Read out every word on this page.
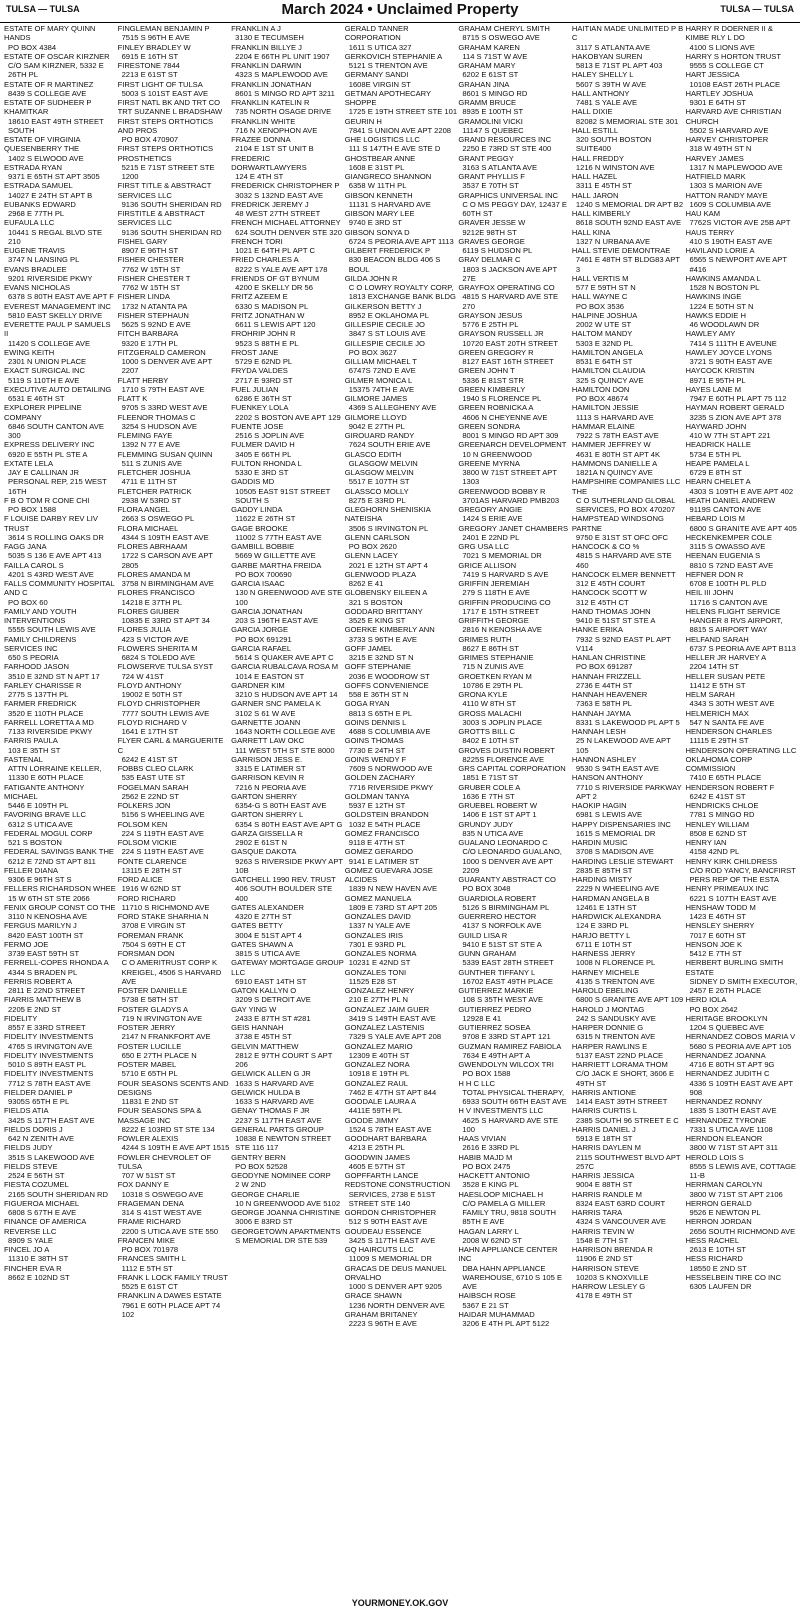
TULSA — TULSA	March 2024 • Unclaimed Property	TULSA — TULSA
ESTATE OF MARY QUINN HANDS
PO BOX 4384
ESTATE OF OSCAR KIRZNER
C/O SAM KIRZNER, 5332 E 26TH PL
ESTATE OF R MARTINEZ
8439 S COLLEGE AVE
ESTATE OF SUDHEER P KHAMITKAR
18610 EAST 49TH STREET SOUTH
ESTATE OF VIRGINIA QUESENBERRY THE
1402 S ELWOOD AVE
ESTRADA RYAN
9371 E 65TH ST APT 3505
ESTRADA SAMUEL
14027 E 24TH ST APT B
EUBANKS EDWARD
2968 E 77TH PL
EUFAULA LLC
10441 S REGAL BLVD STE 210
EUGENE TRAVIS
3747 N LANSING PL
EVANS BRADLEE
9201 RIVERSIDE PKWY
EVANS NICHOLAS
6378 S 80TH EAST AVE APT F
EVEREST MANAGEMENT INC
5810 EAST SKELLY DRIVE
EVERETTE PAUL P SAMUELS II
11420 S COLLEGE AVE
EWING KEITH
2301 N UNION PLACE
EXACT SURGICAL INC
5119 S 110TH E AVE
EXECUTIVE AUTO DETAILING
6531 E 46TH ST
EXPLORER PIPELINE COMPANY
6846 SOUTH CANTON AVE 300
EXPRESS DELIVERY INC
6920 E 55TH PL STE A
EXTATE LELA
JAY E CALLINAN JR PERSONAL REP, 215 WEST 16TH
F B O TOM R CONE CHI
PO BOX 1588
F LOUISE DARBY REV LIV TRUST
3614 S ROLLING OAKS DR
FAGG JANA
5035 S 136 E AVE APT 413
FAILLA CAROL S
4201 S 43RD WEST AVE
FALLS COMMUNITY HOSPITAL AND C
PO BOX 60
FAMILY AND YOUTH INTERVENTIONS
5555 SOUTH LEWIS AVE
FAMILY CHILDRENS SERVICES INC
650 S PEORIA
FARHOOD JASON
3510 E 32ND ST N APT 17
FARLEY CHARISSE R
2775 S 137TH PL
FARMER FREDRICK
3520 E 110TH PLACE
FARRELL LORETTA A MD
7133 RIVERSIDE PKWY
FARRIS PAULA
103 E 35TH ST
FASTENAL
ATTN LORRAINE KELLER, 11330 E 60TH PLACE
FATIGANTE ANTHONY MICHAEL
5446 E 109TH PL
FAVORING BRAVE LLC
6312 S UTICA AVE
FEDERAL MOGUL CORP
521 S BOSTON
FEDERAL SAVINGS BANK THE
6212 E 72ND ST APT 811
FELLER DIANA
9306 E 96TH ST S
FELLERS RICHARDSON WHEE
15 W 6TH ST STE 2066
FENIX GROUP CONST CO THE
3110 N KENOSHA AVE
FERGUS MARILYN J
8420 EAST 100TH ST
FERMO JOE
3739 EAST 59TH ST
FERRELL-COPES RHONDA A
4344 S BRADEN PL
FERRIS ROBERT A
2811 E 22ND STREET
FIARRIS MATTHEW B
2205 E 2ND ST
FIDELITY
8557 E 33RD STREET
FIDELITY INVESTMENTS
4765 S IRVINGTON AVE
FIDELITY INVESTMENTS
5010 S 89TH EAST PL
FIDELITY INVESTMENTS
7712 S 78TH EAST AVE
FIELDER DANIEL P
9305S 65TH E PL
FIELDS ATIA
3425 S 117TH EAST AVE
FIELDS DORIS J
642 N ZENITH AVE
FIELDS JUDY
3515 S LAKEWOOD AVE
FIELDS STEVE
2524 E 56TH ST
FIESTA COZUMEL
2165 SOUTH SHERIDAN RD
FIGUEROA MICHAEL
6808 S 67TH E AVE
FINANCE OF AMERICA REVERSE LLC
8909 S YALE
FINCEL JO A
11310 E 38TH ST
FINCHER EVA R
8662 E 102ND ST
FINGLEMAN BENJAMIN P
7515 S 96TH E AVE
FINLEY BRADLEY W
6915 E 16TH ST
FIRESTONE 7844
2213 E 61ST ST
FIRST LIGHT OF TULSA
5003 S 101ST EAST AVE
FIRST NATL BK AND TRT CO TRT SUZANNE L BRADSHAW
FIRST STEPS ORTHOTICS AND PROS
PO BOX 470907
FIRST STEPS ORTHOTICS PROSTHETICS
5215 E 71ST STREET STE 1200
FIRST TITLE & ABSTRACT SERVICES LLC
9136 SOUTH SHERIDAN RD
FIRSTITLE & ABSTRACT SERVICES LLC
9136 SOUTH SHERIDAN RD
FISHEL GARY
8907 E 96TH ST
FISHER CHESTER
7762 W 15TH ST
FISHER CHESTER T
7762 W 15TH ST
FISHER LINDA
1732 N ATANTA PA
FISHER STEPHAUN
5625 S 92ND E AVE
FITCH BARBARA
9320 E 17TH PL
FITZGERALD CAMERON
1000 S DENVER AVE APT 2207
FLATT HERBY
1710 S 79TH EAST AVE
FLATT K
9705 S 33RD WEST AVE
FLEENOR THOMAS C
3254 S HUDSON AVE
FLEMING FAYE
1392 N 77 E AVE
FLEMMING SUSAN QUINN
511 S ZUNIS AVE
FLETCHER JOSHUA
4711 E 11TH ST
FLETCHER PATRICK
2938 W 53RD ST
FLORA ANGEL
2663 S OSWEGO PL
FLORA MICHAEL
4344 S 109TH EAST AVE
FLORES ABRHAAM
1722 S CARSON AVE APT 2805
FLORES AMANDA M
3758 N BIRMINGHAM AVE
FLORES FRANCISCO
14218 E 37TH PL
FLORES GIUBER
10835 E 33RD ST APT 34
FLORES JULIA
423 S VICTOR AVE
FLOWERS SHERITA M
6824 S TOLEDO AVE
FLOWSERVE TULSA SYST
724 W 41ST
FLOYD ANTHONY
19002 E 50TH ST
FLOYD CHRISTOPHER
7777 SOUTH LEWIS AVE
FLOYD RICHARD V
1641 E 17TH ST
FLYER CARL & MARGUERITE C
6242 E 41ST ST
FOBBS CLEO CLARK
535 EAST UTE ST
FOGELMAN SARAH
2562 E 22ND ST
FOLKERS JON
5156 S WHEELING AVE
FOLSOM KEN
224 S 119TH EAST AVE
FOLSOM VICKIE
224 S 119TH EAST AVE
FONTE CLARENCE
13115 E 28TH ST
FORD ALICE
1916 W 62ND ST
FORD RICHARD
11710 S RICHMOND AVE
FORD STAKE SHARHIA N
3708 E VIRGIN ST
FOREMAN FRANK
7504 S 69TH E CT
FORSMAN DON
C O AMERITRUST CORP K KREIGEL, 4506 S HARVARD AVE
FOSTER DANIELLE
5738 E 58TH ST
FOSTER GLADYS A
719 N IRVINGTON AVE
FOSTER JERRY
2147 N FRANKFORT AVE
FOSTER LUCILLE
650 E 27TH PLACE N
FOSTER MABEL
5710 E 65TH PL
FOUR SEASONS SCENTS AND DESIGNS
11831 E 2ND ST
FOUR SEASONS SPA & MASSAGE INC
8222 E 103RD ST STE 134
FOWLER ALEXIS
4244 S 109TH E AVE APT 1515
FOWLER CHEVROLET OF TULSA
707 W 51ST ST
FOX DANNY E
10318 S OSWEGO AVE
FRAGEMAN DENA
314 S 41ST WEST AVE
FRAME RICHARD
2200 S UTICA AVE STE 550
FRANCEN MIKE
PO BOX 701978
FRANCES SMITH L
1112 E 5TH ST
FRANK L LOCK FAMILY TRUST
5525 E 61ST CT
FRANKLIN A DAWES ESTATE
7961 E 60TH PLACE APT 74 102
FRANKLIN A J
3130 E TECUMSEH
FRANKLIN BILLYE J
2204 E 66TH PL UNIT 1907
FRANKLIN DARWIN
4323 S MAPLEWOOD AVE
FRANKLIN JONATHAN
8601 S MINGO RD APT 3211
FRANKLIN KATELIN R
735 NORTH OSAGE DRIVE
FRANKLIN WHITE
716 N XENOPHON AVE
FRAZEE DONNA
2104 E 1ST ST UNIT B
FREDERIC DORWARTLAWYERS
124 E 4TH ST
FREDERICK CHRISTOPHER P
3032 S 132ND EAST AVE
FREDRICK JEREMY J
48 WEST 27TH STREET
FRENCH MICHAEL ATTORNEY
624 SOUTH DENVER STE 320
FRENCH TORI
1021 E 64TH PL APT C
FRIED CHARLES A
8222 S YALE AVE APT 178
FRIENDS OF GT BYNUM
4200 E SKELLY DR 56
FRITZ AZEEM E
6330 S MADISON PL
FRITZ JONATHAN W
6611 S LEWIS APT 120
FROHRIP JOHN R
9523 S 88TH E PL
FROST JANE
5729 E 62ND PL
FRYDA VALDES
2717 E 93RD ST
FUEL JULIAN
6286 E 36TH ST
FUENKEY LOLA
2202 S BOSTON AVE APT 129
FUENTE JOSE
2516 S JOPLIN AVE
FULMER DAVID H
3405 E 66TH PL
FULTON RHONDA L
5330 E 3RD ST
GADDIS MD
10505 EAST 91ST STREET SOUTH S
GADDY LINDA
11622 E 26TH ST
GAGE BROOKE
11002 S 77TH EAST AVE
GAMBILL BOBBIE
5669 W GILLETTE AVE
GARBE MARTHA FREIDA
PO BOX 700690
GARCIA ISAAC
130 N GREENWOOD AVE STE 100
GARCIA JONATHAN
203 S 196TH EAST AVE
GARCIA JORGE
PO BOX 691291
GARCIA RAFAEL
5614 S QUAKER AVE APT C
GARCIA RUBALCAVA ROSA M
1014 E EASTON ST
GARDNER KIM
3210 S HUDSON AVE APT 14
GARNER SNC PAMELA K
3102 S 61 W AVE
GARNETTE JOANN
1643 NORTH COLLEGE AVE
GARRETT LAW OKC
111 WEST 5TH ST STE 8000
GARRISON JESS E.
3315 E LATIMER ST
GARRISON KEVIN R
7216 N PEORIA AVE
GARTON SHERRY
6354-G S 80TH EAST AVE
GARTON SHERRY L
6354 S 80TH EAST AVE APT G
GARZA GISSELLA R
2902 E 61ST N
GASQUE DAKOTA
9263 S RIVERSIDE PKWY APT 10B
GATCHELL 1990 REV. TRUST
406 SOUTH BOULDER STE 400
GATES ALEXANDER
4320 E 27TH ST
GATES BETTY
3004 E 51ST APT 4
GATES SHAWN A
3815 S UTICA AVE
GATEWAY MORTGAGE GROUP LLC
6910 EAST 14TH ST
GATON KALLYN O
3209 S DETROIT AVE
GAY YING W
2433 E 87TH ST #281
GEIS HANNAH
3738 E 45TH ST
GELVIN MATTHEW
2812 E 97TH COURT S APT 206
GELWICK ALLEN G JR
1633 S HARVARD AVE
GELWICK HULDA B
1633 S HARVARD AVE
GENAY THOMAS F JR
2237 S 117TH EAST AVE
GENERAL PARTS GROUP
10838 E NEWTON STREET STE 116 117
GENTRY BERN
PO BOX 52528
GEODYNE NOMINEE CORP
2 W 2ND
GEORGE CHARLIE
10 N GREENWOOD AVE 5102
GEORGE JOANNA CHRISTINE
3006 E 83RD ST
GEORGETOWN APARTMENTS
S MEMORIAL DR STE 539
GERALD TANNER CORPORATION
1611 S UTICA 327
GERKOVICH STEPHANIE A
5121 S TRENTON AVE
GERMANY SANDI
1608E VIRGIN ST
GETMAN APOTHECARY SHOPPE
1725 E 19TH STREET STE 101
GEURIN H
7841 S UNION AVE APT 2208
GHE LOGISTICS LLC
111 S 147TH E AVE STE D
GHOSTBEAR ANNE
1608 E 31ST PL
GIANGRECO SHANNON
6358 W 11TH PL
GIBSON KENNETH
11131 S HARVARD AVE
GIBSON MARY LEE
9740 E 3RD ST
GIBSON SONYA D
6724 S PEORIA AVE APT 1113
GILBERT FREDERICK P
830 BEACON BLDG 406 S BOUL
GILDA JOHN R
C O LOWRY ROYALTY CORP, 1813 EXCHANGE BANK BLDG
GILKERSON BETTY J
8952 E OKLAHOMA PL
GILLESPIE CECILE JO
3847 S ST LOUIS AVE
GILLESPIE CECILE JO
PO BOX 3627
GILLIAM MICHAEL T
6747S 72ND E AVE
GILMER MONICA L
15375 74TH E AVE
GILMORE JAMES
4369 S ALLEGHENY AVE
GILMORE LLOYD
9042 E 27TH PL
GIROUARD RANDY
7624 SOUTH ERIE AVE
GLASCO EDITH
GLASGOW MELVIN
GLASGOW MELVIN
5517 E 107TH ST
GLASSCO MOLLY
8275 E 33RD PL
GLEGHORN SHENISKIA NATEISHA
3506 S IRVINGTON PL
GLENN CARLSON
PO BOX 2620
GLENN LACEY
2021 E 12TH ST APT 4
GLENWOOD PLAZA
8262 E 41
GLOBENSKY EILEEN A
321 S BOSTON
GODDARD BRITTANY
3525 E KING ST
GOERKE KIMBERLY ANN
3733 S 96TH E AVE
GOFF JAMEL
3215 E 32ND ST N
GOFF STEPHANIE
2036 E WOODROW ST
GOFFS CONVENIENCE
558 E 36TH ST N
GOGA RYAN
8813 S 65TH E PL
GOINS DENNIS L
4688 S COLUMBIA AVE
GOINS THOMAS
7730 E 24TH ST
GOINS WENDY F
7609 S NORWOOD AVE
GOLDEN ZACHARY
7716 RIVERSIDE PKWY
GOLDMAN TANYA
5937 E 12TH ST
GOLDSTEIN BRANDON
1032 E 54TH PLACE
GOMEZ FRANCISCO
9118 E 47TH ST
GOMEZ GERARDO
9141 E LATIMER ST
GOMEZ GUEVARA JOSE ALCIDES
1839 N NEW HAVEN AVE
GOMEZ MANUELA
1809 E 73RD ST APT 205
GONZALES DAVID
1337 N YALE AVE
GONZALES IRIS
7301 E 93RD PL
GONZALES NORMA
10231 E 42ND ST
GONZALES TONI
11525 E28 ST
GONZALEZ HENRY
210 E 27TH PL N
GONZALEZ JAIM GUER
3419 S 149TH EAST AVE
GONZALEZ LASTENIS
7329 S YALE AVE APT 208
GONZALEZ MARIO
12309 E 40TH ST
GONZALEZ NORA
10918 E 19TH PL
GONZALEZ RAUL
7462 E 47TH ST APT 844
GOODALE LAURA A
4411E 59TH PL
GOODE JIMMY
1524 S 78TH EAST AVE
GOODHART BARBARA
4213 E 25TH PL
GOODWIN JAMES
4605 E 57TH ST
GOPFFARTH LANCE REDSTONE CONSTRUCTION
SERVICES, 2738 E 51ST STREET STE 140
GORDON CHRISTOPHER
512 S 90TH EAST AVE
GOUDEAU ESSENCE
3425 S 117TH EAST AVE
GQ HAIRCUTS LLC
11009 S MEMORIAL DR
GRACAS DE DEUS MANUEL ORVALHO
1000 S DENVER APT 9205
GRACE SHAWN
1236 NORTH DENVER AVE
GRAHAM BRITANEY
2223 S 96TH E AVE
GRAHAM CHERYL SMITH
8715 S OSWEGO AVE
GRAHAM KAREN
114 S 71ST W AVE
GRAHAM MARY
6202 E 61ST ST
GRAHAN JINA
8601 S MINGO RD
GRAMM BRUCE
8935 E 100TH ST
GRAMOLINI VICKI
11147 S QUEBEC
GRAND RESOURCES INC
2250 E 73RD ST STE 400
GRANT PEGGY
3163 S ATLANTA AVE
GRANT PHYLLIS F
3537 E 70TH ST
GRAPHICS UNIVERSAL INC
C O MS PEGGY DAY, 12437 E 60TH ST
GRAVER JESSE W
9212E 98TH ST
GRAVES GEORGE
6119 S HUDSON PL
GRAY DELMAR C
1803 S JACKSON AVE APT 27E
GRAYFOX OPERATING CO
4815 S HARVARD AVE STE 270
GRAYSON JESUS
5776 E 25TH PL
GRAYSON RUSSELL JR
10720 EAST 20TH STREET
GREEN GREGORY R
8127 EAST 16TH STREET
GREEN JOHN T
5336 E 81ST STR
GREEN KIMBERLY
1940 S FLORENCE PL
GREEN ROBNICKA A
4606 N CHEYENNE AVE
GREEN SONDRA
8001 S MINGO RD APT 309
GREENARCH DEVELOPMENT
10 N GREENWOOD
GREENE MYRNA
3800 W 71ST STREET APT 1303
GREENWOOD BOBBY R
3701AS HARVARD PMB203
GREGORY ANGIE
1424 S ERIE AVE
GREGORY JANET CHAMBERS
2401 E 22ND PL
GRG USA LLC
7021 S MEMORIAL DR
GRICE ALLISON
7419 S HARVARD S AVE
GRIFFIN JEREMIAH
279 S 118TH E AVE
GRIFFIN PRODUCING CO
1717 E 15TH STREET
GRIFFITH GEORGE
2816 N KENOSHA AVE
GRIMES RUTH
8627 E 86TH ST
GRIMES STEPHANIE
715 N ZUNIS AVE
GROETKEN RYAN M
10786 E 29TH PL
GRONA KYLE
4110 W 8TH ST
GROSS MALACHI
3003 S JOPLIN PLACE
GROTTS BILL C
8402 E 10TH ST
GROVES DUSTIN ROBERT
8225S FLORENCE AVE
GRS CAPITAL CORPORATION
1851 E 71ST ST
GRUBER COLE A
1636 E 7TH ST
GRUEBEL ROBERT W
1406 E 1ST ST APT 1
GRUNDY JUDY
835 N UTICA AVE
GUALANO LEONARDO C
C/O LEONARDO GUALANO, 1000 S DENVER AVE APT 2209
GUARANTY ABSTRACT CO
PO BOX 3048
GUARDIOLA ROBERT
5126 S BIRMINGHAM PL
GUERRERO HECTOR
4137 S NORFOLK AVE
GUILD LISA R
9410 E 51ST ST STE A
GUNN GRAHAM
5339 EAST 28TH STREET
GUNTHER TIFFANY L
16702 EAST 49TH PLACE
GUTIERREZ MARKIE
108 S 35TH WEST AVE
GUTIERREZ PEDRO
12928 E 41
GUTIERREZ SOSEA
9708 E 33RD ST APT 121
GUZMAN RAMIREZ FABIOLA
7634 E 49TH APT A
GWENDOLYN WILCOX TRI
PO BOX 1588
H H C LLC
TOTAL PHYSICAL THERAPY, 6933 SOUTH 66TH EAST AVE
H V INVESTMENTS LLC
4625 S HARVARD AVE STE 100
HAAS VIVIAN
2616 E 33RD PL
HABIB MAJD M
PO BOX 2475
HACKETT ANTONIO
3528 E KING PL
HAESLOOP MICHAEL H
C/O PAMELA G MILLER FAMILY TRU, 9818 SOUTH 85TH E AVE
HAGAN LARRY L
2008 W 62ND ST
HAHN APPLIANCE CENTER INC
DBA HAHN APPLIANCE WAREHOUSE, 6710 S 105 E AVE
HAIBSCH ROSE
5367 E 21 ST
HAIDAR MUHAMMAD
3206 E 4TH PL APT 5122
HAITIAN MADE UNLIMITED P B C
3117 S ATLANTA AVE
HAKOBYAN SUREN
5813 E 71ST PL APT 403
HALEY SHELLY L
5607 S 39TH W AVE
HALL ANTHONY
7481 S YALE AVE
HALL DIXIE
82082 S MEMORIAL STE 301
HALL ESTILL
320 SOUTH BOSTON SUITE400
HALL FREDDY
1216 N WINSTON AVE
HALL HAZEL
3311 E 45TH ST
HALL JARON
1240 S MEMORIAL DR APT B2
HALL KIMBERLY
8618 SOUTH 92ND EAST AVE
HALL KINA
1327 N URBANA AVE
HALL STEVIE DEMONTRAE
7461 E 48TH ST BLDG83 APT 3
HALL VERTIS M
577 E 59TH ST N
HALL WAYNE C
PO BOX 3536
HALPINE JOSHUA
2002 W UTE ST
HALTOM MANDY
5303 E 32ND PL
HAMILTON ANGELA
8531 E 64TH ST
HAMILTON CLAUDIA
325 S QUINCY AVE
HAMILTON DON
PO BOX 48674
HAMILTON JESSIE
1113 S HARVARD AVE
HAMMAR ELAINE
7922 S 78TH EAST AVE
HAMMER JEFFREY W
4631 E 80TH ST APT 4K
HAMMONS DANIELLE A
1821A N QUINCY AVE
HAMPSHIRE COMPANIES LLC THE
C O SUTHERLAND GLOBAL SERVICES, PO BOX 470207
HAMPSTEAD WINDSONG PARTNE
9750 E 31ST ST OFC OFC
HANCOCK & CO %
4815 S HARVARD AVE STE 460
HANCOCK ELMER BENNETT
312 E 45TH COURT
HANCOCK SCOTT W
312 E 45TH CT
HAND THOMAS JOHN
9410 E 51ST ST STE A
HANKE ERIKA
7932 S 92ND EAST PL APT V114
HANLAN CHRISTINE
PO BOX 691287
HANNAH FRIZZELL
2736 E 44TH ST
HANNAH HEAVENER
7363 E 58TH PL
HANNAH JAYMA
8331 S LAKEWOOD PL APT 5
HANNAH LESH
25 N LAKEWOOD AVE APT 105
HANNON ASHLEY
9530 S 94TH EAST AVE
HANSON ANTHONY
7710 S RIVERSIDE PARKWAY APT 2
HAOKIP HAGIN
6981 S LEWIS AVE
HAPPY DISPENSARIES INC
1615 S MEMORIAL DR
HARDIN MUSIC
3708 S MADISON AVE
HARDING LESLIE STEWART
2835 E 85TH ST
HARDING MISTY
2229 N WHEELING AVE
HARDMAN ANGELA B
12461 E 13TH ST
HARDWICK ALEXANDRA
124 E 33RD PL
HARJO BETTY L
6711 E 10TH ST
HARNESS JERRY
1008 N FLORENCE PL
HARNEY MICHELE
4135 S TRENTON AVE
HAROLD EBELING
6800 S GRANITE AVE APT 109
HAROLD J MONTAG
242 S SANDUSKY AVE
HARPER DONNIE G
6315 N TRENTON AVE
HARPER RAWLINS E
5137 EAST 22ND PLACE
HARRIETT LORAMA THOM
C/O JACK E SHORT, 3606 E 49TH ST
HARRIS ANTIONE
1414 EAST 39TH STREET
HARRIS CURTIS L
2385 SOUTH 96 STREET E C
HARRIS DANIEL J
5913 E 18TH ST
HARRIS DAYLEN M
2115 SOUTHWEST BLVD APT 257C
HARRIS JESSICA
9004 E 88TH ST
HARRIS RANDLE M
8324 EAST 63RD COURT
HARRIS TARA
4324 S VANCOUVER AVE
HARRIS TEVIN W
1548 E 7TH ST
HARRISON BRENDA R
11906 E 2ND ST
HARRISON STEVE
10203 S KNOXVILLE
HARROW LESLEY G
4178 E 49TH ST
HARRY R DOERNER II & KIMBE RLY L DO
4100 S LIONS AVE
HARRY S HORTON TRUST
9555 S COLLEGE CT
HART JESSICA
10108 EAST 26TH PLACE
HARTLEY JOSHUA
9301 E 64TH ST
HARVARD AVE CHRISTIAN CHURCH
5502 S HARVARD AVE
HARVEY CHRISTOPER
318 W 49TH ST N
HARVEY JAMES
1317 N MAPLEWOOD AVE
HATFIELD MARK
1303 S MARION AVE
HATTON RANDY MAYE
1609 S COLUMBIA AVE
HAU KAM
7762S VICTOR AVE 25B APT
HAUS TERRY
410 S 190TH EAST AVE
HAVILAND LORIE A
6565 S NEWPORT AVE APT #416
HAWKINS AMANDA L
1528 N BOSTON PL
HAWKINS INGE
1224 E 50TH ST N
HAWKS EDDIE H
46 WOODLAWN DR
HAWLEY AMY
7414 S 111TH E AVEUNE
HAWLEY JOYCE LYONS
3721 S 90TH EAST AVE
HAYCOCK KRISTIN
8971 E 95TH PL
HAYES LANE M
7947 E 60TH PL APT 75 112
HAYMAN ROBERT GERALD
3235 S ZION AVE APT 378
HAYWARD JOHN
410 W 7TH ST APT 221
HEADRICK HALLE
5734 E 5TH PL
HEAPE PAMELA L
6729 E 8TH ST
HEARN CHELET A
4303 S 109TH E AVE APT 402
HEATH DANIEL ANDREW
9119S CANTON AVE
HEBARD LOIS M
6800 S GRANITE AVE APT 405
HECKENKEMPER COLE
3115 S OWASSO AVE
HEENAN EUGENIA S
8810 S 72ND EAST AVE
HEFNER DON R
6708 E 100TH PL PLD
HEIL III JOHN
11716 S CANTON AVE
HELENS FLIGHT SERVICE
HANGER 8 RVS AIRPORT, 8815 S AIRPORT WAY
HELFAND SARAH
6737 S PEORIA AVE APT B113
HELLER JR HARVEY A
2204 14TH ST
HELLER SUSAN PETE
11412 E 5TH ST
HELM SARAH
4343 S 30TH WEST AVE
HELMERICH MAX
547 N SANTA FE AVE
HENDERSON CHARLES
11115 E 29TH ST
HENDERSON OPERATING LLC OKLAHOMA CORP COMMISSION
7410 E 65TH PLACE
HENDERSON ROBERT F
6242 E 41ST ST
HENDRICKS CHLOE
7781 S MINGO RD
HENLEY WILLIAM
8508 E 62ND ST
HENRY IAN
4158 42ND PL
HENRY KIRK CHILDRESS
C/O ROD YANCY, BANCFIRST PERS REP OF THE ESTA
HENRY PRIMEAUX INC
6221 S 107TH EAST AVE
HENSHAW TODD M
1423 E 46TH ST
HENSLEY SHERRY
7017 E 60TH ST
HENSON JOE K
5412 E 7TH ST
HERBERT BURLING SMITH ESTATE
SIDNEY D SMITH EXECUTOR, 2457 E 26TH PLACE
HERD IOLA
PO BOX 2642
HERITAGE BROOKLYN
1204 S QUEBEC AVE
HERNANDEZ COBOS MARIA V
5680 S PEORIA AVE APT 105
HERNANDEZ JOANNA
4716 E 80TH ST APT 9G
HERNANDEZ JUDITH C
4336 S 109TH EAST AVE APT 908
HERNANDEZ RONNY
1835 S 130TH EAST AVE
HERNANDEZ TYRONE
7331 S UTICA AVE 1108
HERNDON ELEANOR
3800 W 71ST ST APT 311
HEROLD LOIS S
8555 S LEWIS AVE, COTTAGE 11-B
HERRMAN CAROLYN
3800 W 71ST ST APT 2106
HERRON GERALD
9526 E NEWTON PL
HERRON JORDAN
2656 SOUTH RICHMOND AVE
HESS RACHEL
2613 E 10TH ST
HESS RICHARD
18550 E 2ND ST
HESSELBEIN TIRE CO INC
6305 LAUFEN DR
YOURMONEY.OK.GOV
